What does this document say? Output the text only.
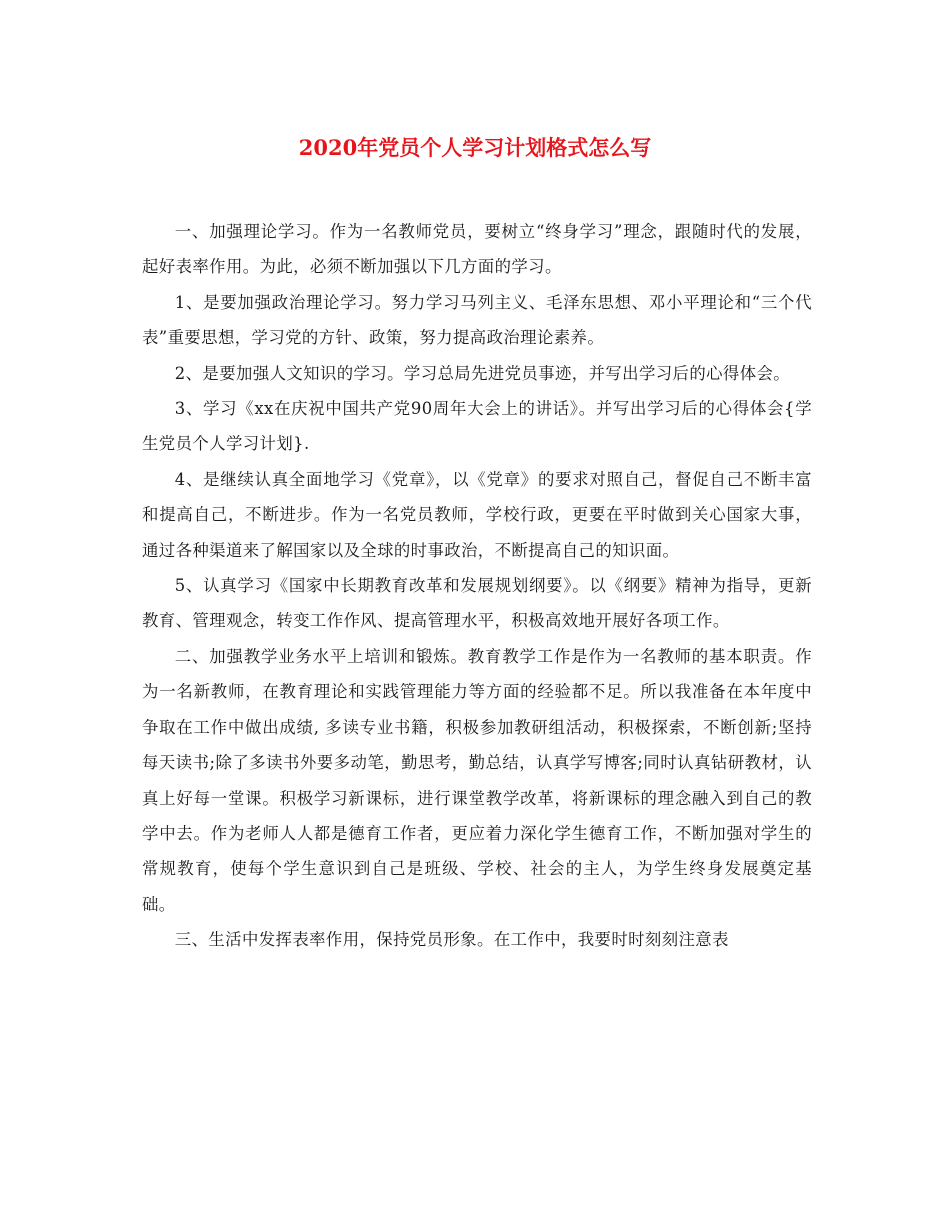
2020年党员个人学习计划格式怎么写

一、加强理论学习。作为一名教师党员，要树立“终身学习”理念，跟随时代的发展，起好表率作用。为此，必须不断加强以下几方面的学习。

1、是要加强政治理论学习。努力学习马列主义、毛泽东思想、邓小平理论和“三个代表”重要思想，学习党的方针、政策，努力提高政治理论素养。

2、是要加强人文知识的学习。学习总局先进党员事迹，并写出学习后的心得体会。

3、学习《xx在庆祝中国共产党90周年大会上的讲话》。并写出学习后的心得体会{学生党员个人学习计划}.

4、是继续认真全面地学习《党章》，以《党章》的要求对照自己，督促自己不断丰富和提高自己，不断进步。作为一名党员教师，学校行政，更要在平时做到关心国家大事，通过各种渠道来了解国家以及全球的时事政治，不断提高自己的知识面。

5、认真学习《国家中长期教育改革和发展规划纲要》。以《纲要》精神为指导，更新教育、管理观念，转变工作作风、提高管理水平，积极高效地开展好各项工作。

二、加强教学业务水平上培训和锻炼。教育教学工作是作为一名教师的基本职责。作为一名新教师，在教育理论和实践管理能力等方面的经验都不足。所以我准备在本年度中争取在工作中做出成绩, 多读专业书籍，积极参加教研组活动，积极探索，不断创新;坚持每天读书;除了多读书外要多动笔，勤思考，勤总结，认真学写博客;同时认真钻研教材，认真上好每一堂课。积极学习新课标，进行课堂教学改革，将新课标的理念融入到自己的教学中去。作为老师人人都是德育工作者，更应着力深化学生德育工作，不断加强对学生的常规教育，使每个学生意识到自己是班级、学校、社会的主人，为学生终身发展奠定基础。

三、生活中发挥表率作用，保持党员形象。在工作中，我要时时刻刻注意表
